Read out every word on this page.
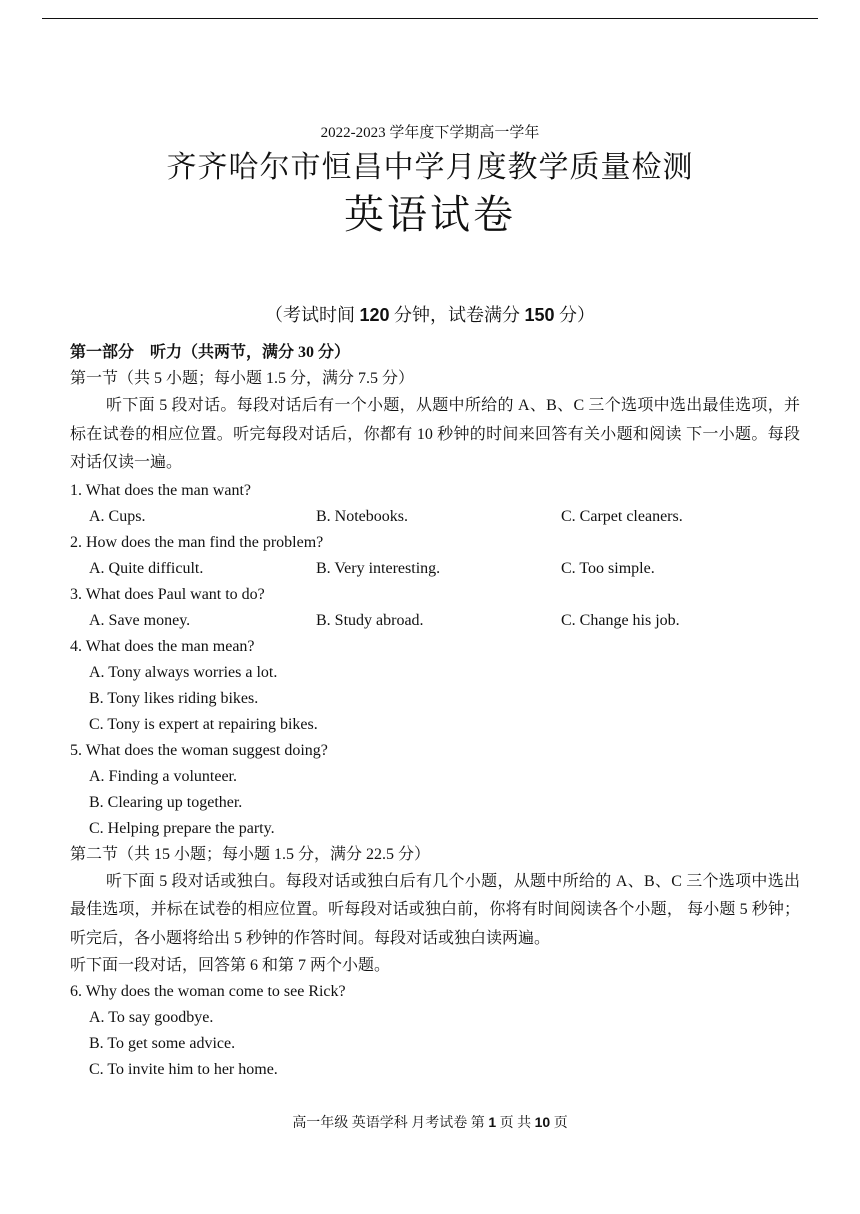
2022-2023 学年度下学期高一学年
齐齐哈尔市恒昌中学月度教学质量检测
英语试卷
（考试时间 120 分钟，试卷满分 150 分）
第一部分　听力（共两节，满分 30 分）
第一节（共 5 小题；每小题 1.5 分，满分 7.5 分）
听下面 5 段对话。每段对话后有一个小题，从题中所给的 A、B、C 三个选项中选出最佳选项，并标在试卷的相应位置。听完每段对话后，你都有 10 秒钟的时间来回答有关小题和阅读 下一小题。每段对话仅读一遍。
1. What does the man want?
A. Cups.	B. Notebooks.	C. Carpet cleaners.
2. How does the man find the problem?
A. Quite difficult.	B. Very interesting.	C. Too simple.
3. What does Paul want to do?
A. Save money.	B. Study abroad.	C. Change his job.
4. What does the man mean?
A. Tony always worries a lot.
B. Tony likes riding bikes.
C. Tony is expert at repairing bikes.
5. What does the woman suggest doing?
A. Finding a volunteer.
B. Clearing up together.
C. Helping prepare the party.
第二节（共 15 小题；每小题 1.5 分，满分 22.5 分）
听下面 5 段对话或独白。每段对话或独白后有几个小题，从题中所给的 A、B、C 三个选项中选出最佳选项，并标在试卷的相应位置。听每段对话或独白前，你将有时间阅读各个小题， 每小题 5 秒钟；听完后，各小题将给出 5 秒钟的作答时间。每段对话或独白读两遍。
听下面一段对话，回答第 6 和第 7 两个小题。
6. Why does the woman come to see Rick?
A. To say goodbye.
B. To get some advice.
C. To invite him to her home.
高一年级 英语学科 月考试卷 第 1 页 共 10 页
